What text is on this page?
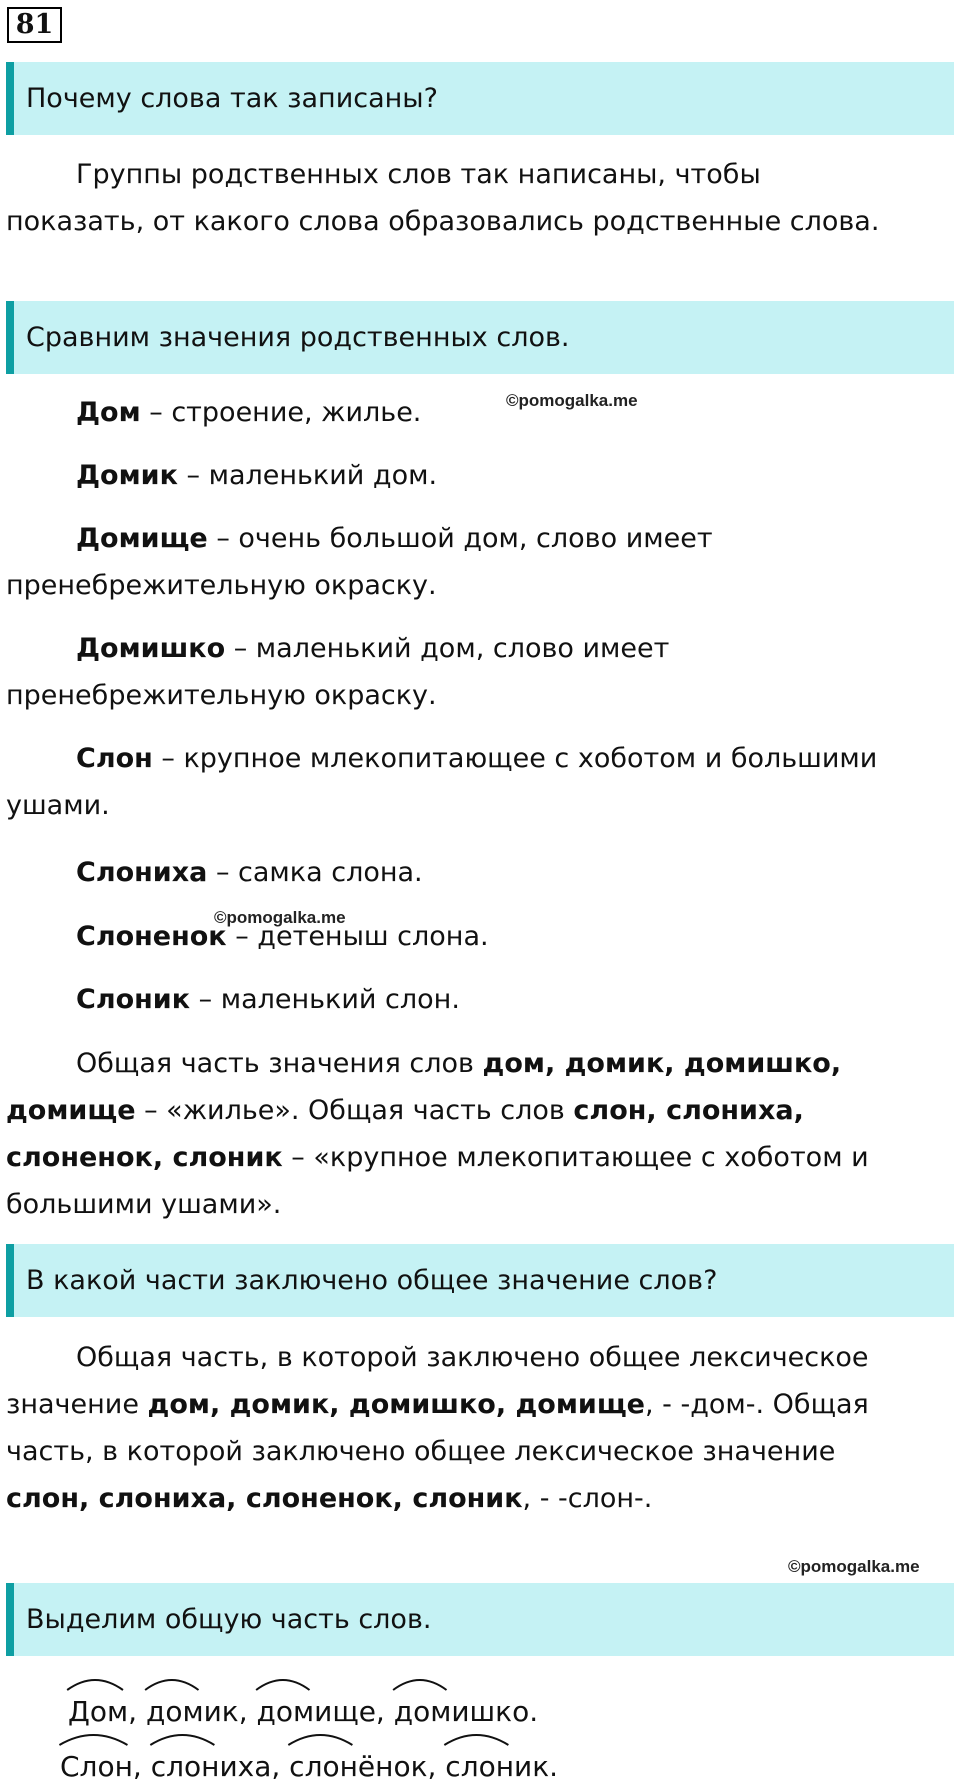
81
Почему слова так записаны?

Группы родственных слов так написаны, чтобы показать, от какого слова образовались родственные слова.

Сравним значения родственных слов.
©pomogalka.me

Дом – строение, жилье.

Домик – маленький дом.

Домище – очень большой дом, слово имеет пренебрежительную окраску.

Домишко – маленький дом, слово имеет пренебрежительную окраску.

Слон – крупное млекопитающее с хоботом и большими ушами.

Слониха – самка слона.

©pomogalka.me

Слоненок – детеныш слона.

Слоник – маленький слон.

Общая часть значения слов дом, домик, домишко, домище – «жилье». Общая часть слов слон, слониха, слоненок, слоник – «крупное млекопитающее с хоботом и большими ушами».

В какой части заключено общее значение слов?

Общая часть, в которой заключено общее лексическое значение дом, домик, домишко, домище, - -дом-. Общая часть, в которой заключено общее лексическое значение слон, слониха, слоненок, слоник, - -слон-.

©pomogalka.me
Выделим общую часть слов.
Дом
, дом
ик, дом
ище, дом
ишко.
Слон
, слон
иха, слон
ёнок, слон
ик.
